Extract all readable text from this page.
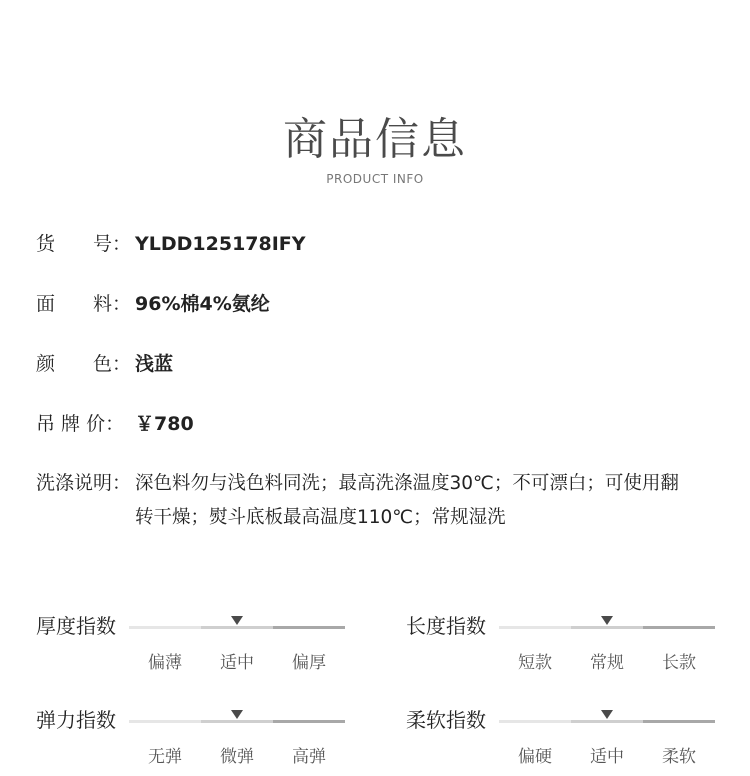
商品信息
PRODUCT INFO
货　　号： YLDD125178IFY
面　　料： 96%棉4%氨纶
颜　　色： 浅蓝
吊 牌 价： ￥780
洗涤说明： 深色料勿与浅色料同洗；最高洗涤温度30℃；不可漂白；可使用翻
转干燥；熨斗底板最高温度110℃；常规湿洗
厚度指数
偏薄	适中	偏厚
长度指数
短款	常规	长款
弹力指数
无弹	微弹	高弹
柔软指数
偏硬	适中	柔软
